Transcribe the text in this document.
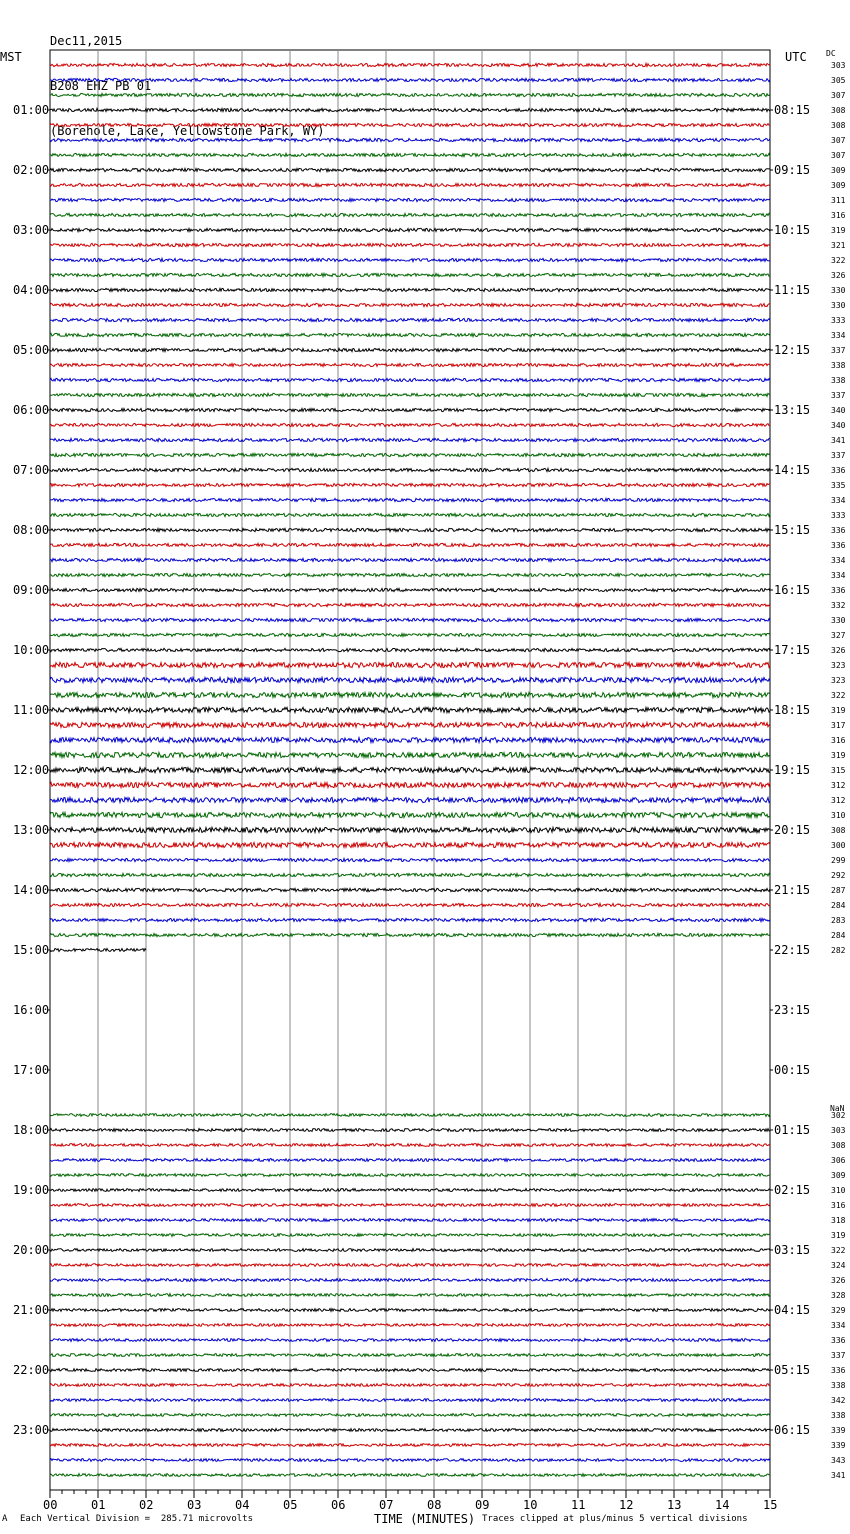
Dec11,2015

B208 EHZ PB 01

(Borehole, Lake, Yellowstone Park, WY)

MST	UTC DC
NaN
01:00	08:15
02:00	09:15
03:00	10:15
04:00	11:15
05:00	12:15
06:00	13:15
07:00	14:15
08:00	15:15
09:00	16:15
10:00	17:15
11:00	18:15
12:00	19:15
13:00	20:15
14:00	21:15
15:00	22:15
16:00	23:15
17:00	00:15
18:00	01:15
19:00	02:15
20:00	03:15
21:00	04:15
22:00	05:15
23:00	06:15
303
305
307
308
308
307
307
309
309
311
316
319
321
322
326
330
330
333
334
337
338
338
337
340
340
341
337
336
335
334
333
336
336
334
334
336
332
330
327
326
323
323
322
319
317
316
319
315
312
312
310
308
300
299
292
287
284
283
284
282
302
303
308
306
309
310
316
318
319
322
324
326
328
329
334
336
337
336
338
342
338
339
339
343
341
00	01	02	03	04	05	06	07	08	09	10	11	12	13	14	15
A Each Vertical Division =  285.71 microvolts	TIME (MINUTES) Traces clipped at plus/minus 5 vertical divisions
